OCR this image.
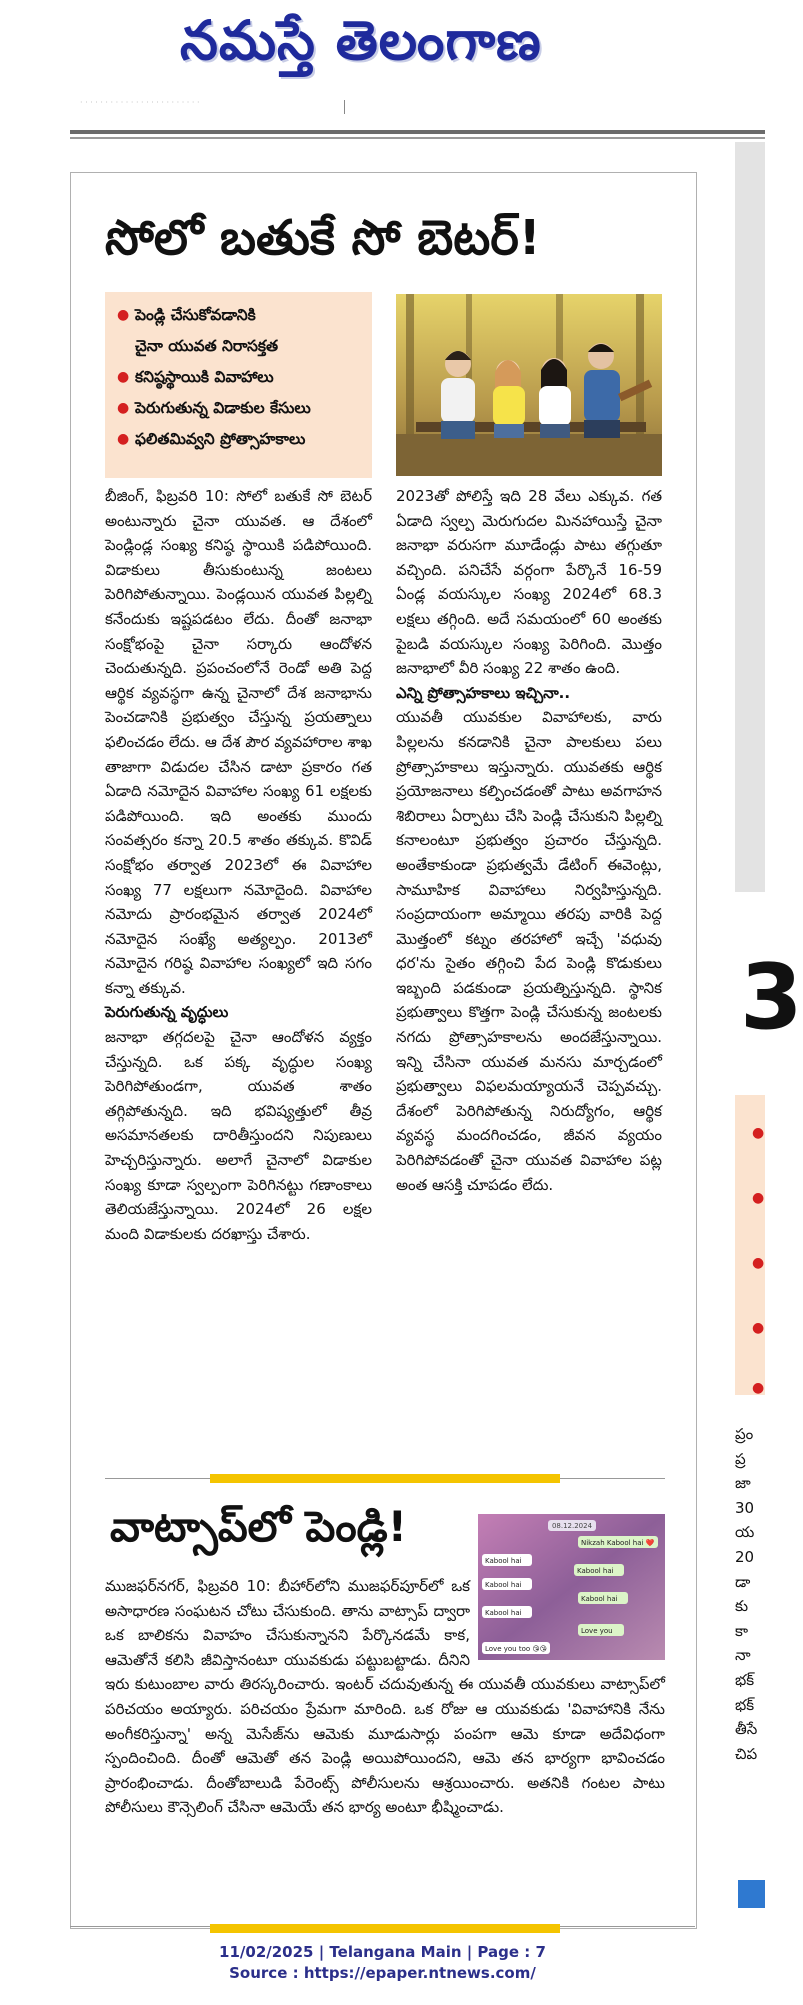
నమస్తే తెలంగాణ
· · · · · · · · · · · · · · · · · · · · · · · ·
3
●
●
●
●
●
ప్రం
ప్ర
జా
30
య
20
డా
కు
కా
నా
భక్
భక్
తీసే
చిప
సోలో బతుకే సో బెటర్!
● పెండ్లి చేసుకోవడానికి
చైనా యువత నిరాసక్తత
● కనిష్ఠస్థాయికి వివాహాలు
● పెరుగుతున్న విడాకుల కేసులు
● ఫలితమివ్వని ప్రోత్సాహకాలు

బీజింగ్, ఫిబ్రవరి 10: సోలో బతుకే సో బెటర్ అంటున్నారు చైనా యువత. ఆ దేశంలో పెండ్లిండ్ల సంఖ్య కనిష్ఠ స్థాయికి పడిపోయింది. విడాకులు తీసుకుంటున్న జంటలు పెరిగిపోతున్నాయి. పెండ్లయిన యువత పిల్లల్ని కనేందుకు ఇష్టపడటం లేదు. దీంతో జనాభా సంక్షోభంపై చైనా సర్కారు ఆందోళన చెందుతున్నది. ప్రపంచంలోనే రెండో అతి పెద్ద ఆర్థిక వ్యవస్థగా ఉన్న చైనాలో దేశ జనాభాను పెంచడానికి ప్రభుత్వం చేస్తున్న ప్రయత్నాలు ఫలించడం లేదు. ఆ దేశ పౌర వ్యవహారాల శాఖ తాజాగా విడుదల చేసిన డాటా ప్రకారం గత ఏడాది నమోదైన వివాహాల సంఖ్య 61 లక్షలకు పడిపోయింది. ఇది అంతకు ముందు సంవత్సరం కన్నా 20.5 శాతం తక్కువ. కొవిడ్ సంక్షోభం తర్వాత 2023లో ఈ వివాహాల సంఖ్య 77 లక్షలుగా నమోదైంది. వివాహాల నమోదు ప్రారంభమైన తర్వాత 2024లో నమోదైన సంఖ్యే అత్యల్పం. 2013లో నమోదైన గరిష్ఠ వివాహాల సంఖ్యలో ఇది సగం కన్నా తక్కువ.

పెరుగుతున్న వృద్ధులు

జనాభా తగ్గదలపై చైనా ఆందోళన వ్యక్తం చేస్తున్నది. ఒక పక్క వృద్ధుల సంఖ్య పెరిగిపోతుండగా, యువత శాతం తగ్గిపోతున్నది. ఇది భవిష్యత్తులో తీవ్ర అసమానతలకు దారితీస్తుందని నిపుణులు హెచ్చరిస్తున్నారు. అలాగే చైనాలో విడాకుల సంఖ్య కూడా స్వల్పంగా పెరిగినట్టు గణాంకాలు తెలియజేస్తున్నాయి. 2024లో 26 లక్షల మంది విడాకులకు దరఖాస్తు చేశారు.

2023తో పోలిస్తే ఇది 28 వేలు ఎక్కువ. గత ఏడాది స్వల్ప మెరుగుదల మినహాయిస్తే చైనా జనాభా వరుసగా మూడేండ్లు పాటు తగ్గుతూ వచ్చింది. పనిచేసే వర్గంగా పేర్కొనే 16-59 ఏండ్ల వయస్కుల సంఖ్య 2024లో 68.3 లక్షలు తగ్గింది. అదే సమయంలో 60 అంతకు పైబడి వయస్కుల సంఖ్య పెరిగింది. మొత్తం జనాభాలో వీరి సంఖ్య 22 శాతం ఉంది.

ఎన్ని ప్రోత్సాహకాలు ఇచ్చినా..

యువతీ యువకుల వివాహాలకు, వారు పిల్లలను కనడానికి చైనా పాలకులు పలు ప్రోత్సాహకాలు ఇస్తున్నారు. యువతకు ఆర్థిక ప్రయోజనాలు కల్పించడంతో పాటు అవగాహన శిబిరాలు ఏర్పాటు చేసి పెండ్లి చేసుకుని పిల్లల్ని కనాలంటూ ప్రభుత్వం ప్రచారం చేస్తున్నది. అంతేకాకుండా ప్రభుత్వమే డేటింగ్ ఈవెంట్లు, సామూహిక వివాహాలు నిర్వహిస్తున్నది. సంప్రదాయంగా అమ్మాయి తరపు వారికి పెద్ద మొత్తంలో కట్నం తరహాలో ఇచ్చే 'వధువు ధర'ను సైతం తగ్గించి పేద పెండ్లి కొడుకులు ఇబ్బంది పడకుండా ప్రయత్నిస్తున్నది. స్థానిక ప్రభుత్వాలు కొత్తగా పెండ్లి చేసుకున్న జంటలకు నగదు ప్రోత్సాహకాలను అందజేస్తున్నాయి. ఇన్ని చేసినా యువత మనసు మార్చడంలో ప్రభుత్వాలు విఫలమయ్యాయనే చెప్పవచ్చు. దేశంలో పెరిగిపోతున్న నిరుద్యోగం, ఆర్థిక వ్యవస్థ మందగించడం, జీవన వ్యయం పెరిగిపోవడంతో చైనా యువత వివాహాల పట్ల అంత ఆసక్తి చూపడం లేదు.

వాట్సాప్‌లో పెండ్లి!	08.12.2024
Nikzah Kabool hai ❤️
Kabool hai
Kabool hai
Kabool hai
Kabool hai
Kabool hai
Love you
Love you too 😘😘
ముజఫర్‌నగర్, ఫిబ్రవరి 10: బీహార్‌లోని ముజఫర్‌పూర్‌లో ఒక అసాధారణ సంఘటన చోటు చేసుకుంది. తాను వాట్సాప్ ద్వారా ఒక బాలికను వివాహం చేసుకున్నానని పేర్కొనడమే కాక, ఆమెతోనే కలిసి జీవిస్తానంటూ యువకుడు పట్టుబట్టాడు. దీనిని ఇరు కుటుంబాల వారు తిరస్కరించారు. ఇంటర్ చదువుతున్న ఈ యువతీ యువకులు వాట్సాప్‌లో పరిచయం అయ్యారు. పరిచయం ప్రేమగా మారింది. ఒక రోజు ఆ యువకుడు 'వివాహానికి నేను అంగీకరిస్తున్నా' అన్న మెసేజ్‌ను ఆమెకు మూడుసార్లు పంపగా ఆమె కూడా అదేవిధంగా స్పందించింది. దీంతో ఆమెతో తన పెండ్లి అయిపోయిందని, ఆమె తన భార్యగా భావించడం ప్రారంభించాడు. దీంతోబాలుడి పేరెంట్స్ పోలీసులను ఆశ్రయించారు. అతనికి గంటల పాటు పోలీసులు కౌన్సెలింగ్ చేసినా ఆమెయే తన భార్య అంటూ భీష్మించాడు.
11/02/2025 | Telangana Main | Page : 7
Source : https://epaper.ntnews.com/
